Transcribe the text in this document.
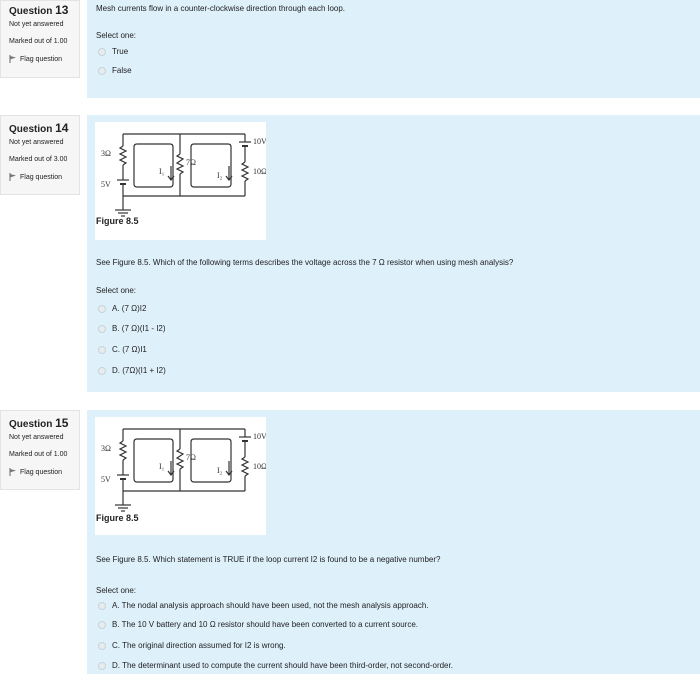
Question 13
Not yet answered
Marked out of 1.00
Flag question
Mesh currents flow in a counter-clockwise direction through each loop.
Select one:
True
False
Question 14
Not yet answered
Marked out of 3.00
Flag question
3Ω
7Ω
10Ω
5V
10V
I₁	I₂
Figure 8.5
See Figure 8.5. Which of the following terms describes the voltage across the 7 Ω resistor when using mesh analysis?
Select one:
A. (7 Ω)I2
B. (7 Ω)(I1 - I2)
C. (7 Ω)I1
D. (7Ω)(I1 + I2)
Question 15
Not yet answered
Marked out of 1.00
Flag question
3Ω
7Ω
10Ω
5V
10V
I₁	I₂
Figure 8.5
See Figure 8.5. Which statement is TRUE if the loop current I2 is found to be a negative number?
Select one:
A. The nodal analysis approach should have been used, not the mesh analysis approach.
B. The 10 V battery and 10 Ω resistor should have been converted to a current source.
C. The original direction assumed for I2 is wrong.
D. The determinant used to compute the current should have been third-order, not second-order.
